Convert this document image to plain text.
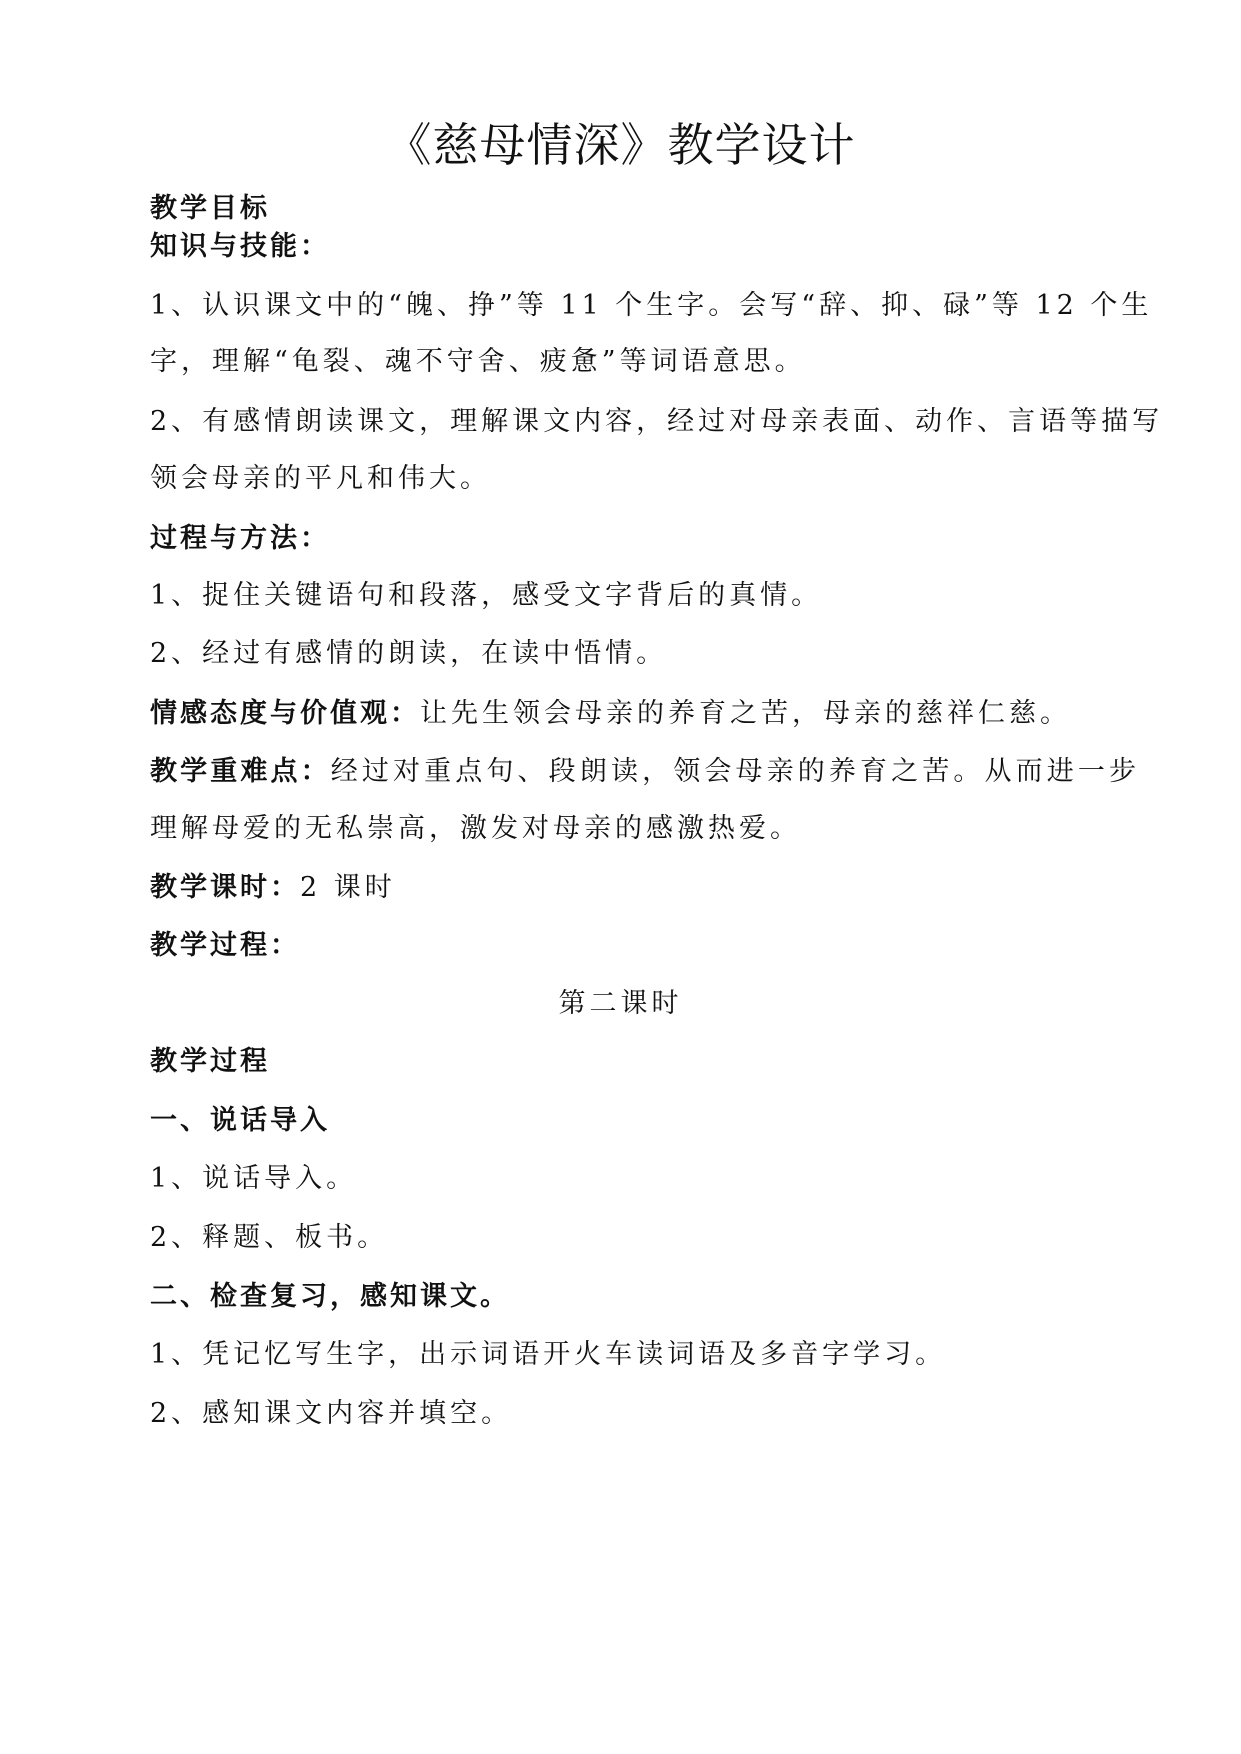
《慈母情深》教学设计
教学目标
知识与技能：
1、认识课文中的“魄、挣”等 11 个生字。会写“辞、抑、碌”等 12 个生
字，理解“龟裂、魂不守舍、疲惫”等词语意思。
2、有感情朗读课文，理解课文内容，经过对母亲表面、动作、言语等描写
领会母亲的平凡和伟大。
过程与方法：
1、捉住关键语句和段落，感受文字背后的真情。
2、经过有感情的朗读，在读中悟情。
情感态度与价值观：让先生领会母亲的养育之苦，母亲的慈祥仁慈。
教学重难点：经过对重点句、段朗读，领会母亲的养育之苦。从而进一步
理解母爱的无私崇高，激发对母亲的感激热爱。
教学课时：2 课时
教学过程：
第二课时
教学过程
一、说话导入
1、说话导入。
2、释题、板书。
二、检查复习，感知课文。
1、凭记忆写生字，出示词语开火车读词语及多音字学习。
2、感知课文内容并填空。
